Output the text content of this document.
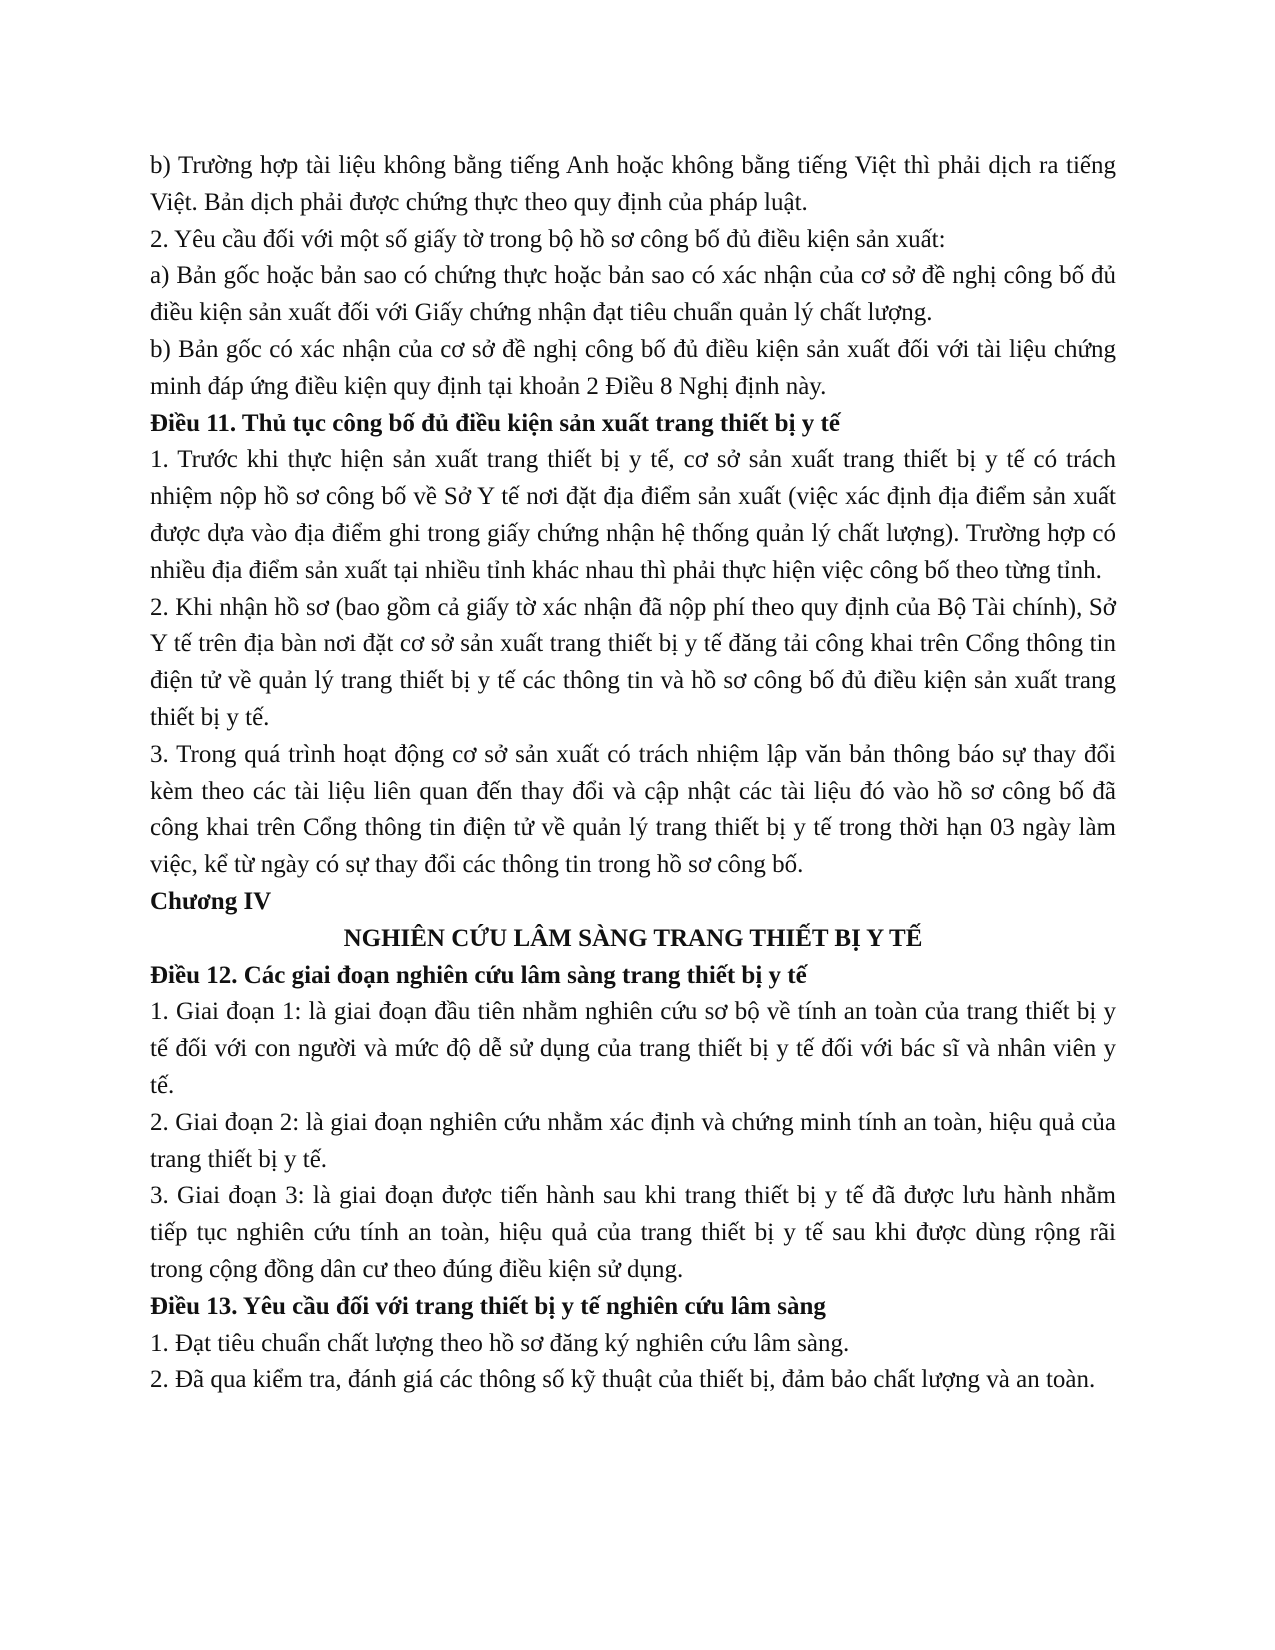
b) Trường hợp tài liệu không bằng tiếng Anh hoặc không bằng tiếng Việt thì phải dịch ra tiếng Việt. Bản dịch phải được chứng thực theo quy định của pháp luật.

2. Yêu cầu đối với một số giấy tờ trong bộ hồ sơ công bố đủ điều kiện sản xuất:

a) Bản gốc hoặc bản sao có chứng thực hoặc bản sao có xác nhận của cơ sở đề nghị công bố đủ điều kiện sản xuất đối với Giấy chứng nhận đạt tiêu chuẩn quản lý chất lượng.

b) Bản gốc có xác nhận của cơ sở đề nghị công bố đủ điều kiện sản xuất đối với tài liệu chứng minh đáp ứng điều kiện quy định tại khoản 2 Điều 8 Nghị định này.

Điều 11. Thủ tục công bố đủ điều kiện sản xuất trang thiết bị y tế

1. Trước khi thực hiện sản xuất trang thiết bị y tế, cơ sở sản xuất trang thiết bị y tế có trách nhiệm nộp hồ sơ công bố về Sở Y tế nơi đặt địa điểm sản xuất (việc xác định địa điểm sản xuất được dựa vào địa điểm ghi trong giấy chứng nhận hệ thống quản lý chất lượng). Trường hợp có nhiều địa điểm sản xuất tại nhiều tỉnh khác nhau thì phải thực hiện việc công bố theo từng tỉnh.

2. Khi nhận hồ sơ (bao gồm cả giấy tờ xác nhận đã nộp phí theo quy định của Bộ Tài chính), Sở Y tế trên địa bàn nơi đặt cơ sở sản xuất trang thiết bị y tế đăng tải công khai trên Cổng thông tin điện tử về quản lý trang thiết bị y tế các thông tin và hồ sơ công bố đủ điều kiện sản xuất trang thiết bị y tế.

3. Trong quá trình hoạt động cơ sở sản xuất có trách nhiệm lập văn bản thông báo sự thay đổi kèm theo các tài liệu liên quan đến thay đổi và cập nhật các tài liệu đó vào hồ sơ công bố đã công khai trên Cổng thông tin điện tử về quản lý trang thiết bị y tế trong thời hạn 03 ngày làm việc, kể từ ngày có sự thay đổi các thông tin trong hồ sơ công bố.

Chương IV

NGHIÊN CỨU LÂM SÀNG TRANG THIẾT BỊ Y TẾ

Điều 12. Các giai đoạn nghiên cứu lâm sàng trang thiết bị y tế

1. Giai đoạn 1: là giai đoạn đầu tiên nhằm nghiên cứu sơ bộ về tính an toàn của trang thiết bị y tế đối với con người và mức độ dễ sử dụng của trang thiết bị y tế đối với bác sĩ và nhân viên y tế.

2. Giai đoạn 2: là giai đoạn nghiên cứu nhằm xác định và chứng minh tính an toàn, hiệu quả của trang thiết bị y tế.

3. Giai đoạn 3: là giai đoạn được tiến hành sau khi trang thiết bị y tế đã được lưu hành nhằm tiếp tục nghiên cứu tính an toàn, hiệu quả của trang thiết bị y tế sau khi được dùng rộng rãi trong cộng đồng dân cư theo đúng điều kiện sử dụng.

Điều 13. Yêu cầu đối với trang thiết bị y tế nghiên cứu lâm sàng

1. Đạt tiêu chuẩn chất lượng theo hồ sơ đăng ký nghiên cứu lâm sàng.

2. Đã qua kiểm tra, đánh giá các thông số kỹ thuật của thiết bị, đảm bảo chất lượng và an toàn.
